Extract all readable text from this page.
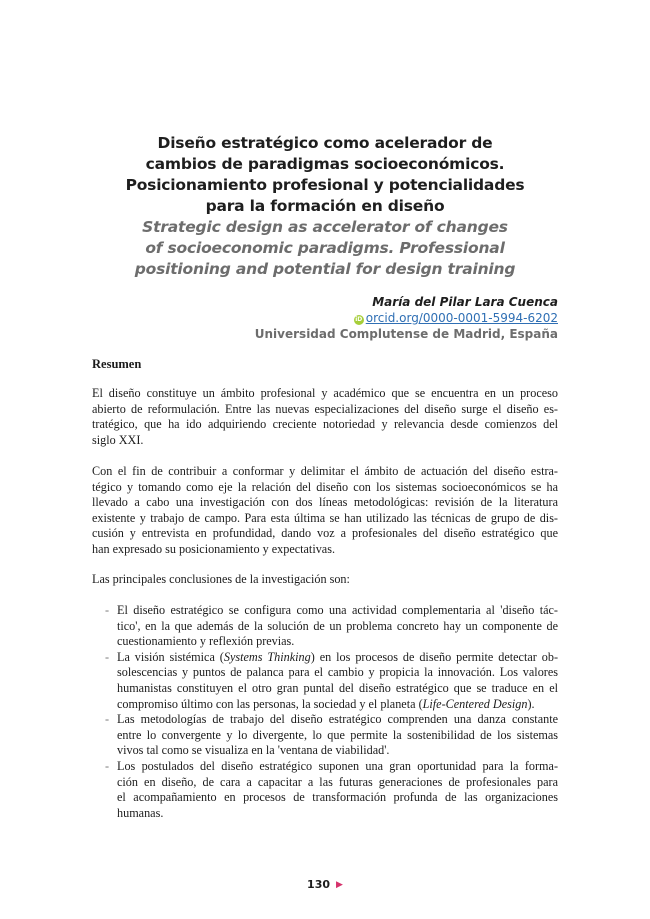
Diseño estratégico como acelerador de
cambios de paradigmas socioeconómicos.
Posicionamiento profesional y potencialidades
para la formación en diseño
Strategic design as accelerator of changes
of socioeconomic paradigms. Professional
positioning and potential for design training
María del Pilar Lara Cuenca
iD orcid.org/0000-0001-5994-6202
Universidad Complutense de Madrid, España
Resumen
El diseño constituye un ámbito profesional y académico que se encuentra en un proceso
abierto de reformulación. Entre las nuevas especializaciones del diseño surge el diseño es-
tratégico, que ha ido adquiriendo creciente notoriedad y relevancia desde comienzos del
siglo XXI.
Con el fin de contribuir a conformar y delimitar el ámbito de actuación del diseño estra-
tégico y tomando como eje la relación del diseño con los sistemas socioeconómicos se ha
llevado a cabo una investigación con dos líneas metodológicas: revisión de la literatura
existente y trabajo de campo. Para esta última se han utilizado las técnicas de grupo de dis-
cusión y entrevista en profundidad, dando voz a profesionales del diseño estratégico que
han expresado su posicionamiento y expectativas.
Las principales conclusiones de la investigación son:
- El diseño estratégico se configura como una actividad complementaria al 'diseño tác-
tico', en la que además de la solución de un problema concreto hay un componente de
cuestionamiento y reflexión previas.
- La visión sistémica (Systems Thinking) en los procesos de diseño permite detectar ob-
solescencias y puntos de palanca para el cambio y propicia la innovación. Los valores
humanistas constituyen el otro gran puntal del diseño estratégico que se traduce en el
compromiso último con las personas, la sociedad y el planeta (Life-Centered Design).
- Las metodologías de trabajo del diseño estratégico comprenden una danza constante
entre lo convergente y lo divergente, lo que permite la sostenibilidad de los sistemas
vivos tal como se visualiza en la 'ventana de viabilidad'.
- Los postulados del diseño estratégico suponen una gran oportunidad para la forma-
ción en diseño, de cara a capacitar a las futuras generaciones de profesionales para
el acompañamiento en procesos de transformación profunda de las organizaciones
humanas.
130 ▶
